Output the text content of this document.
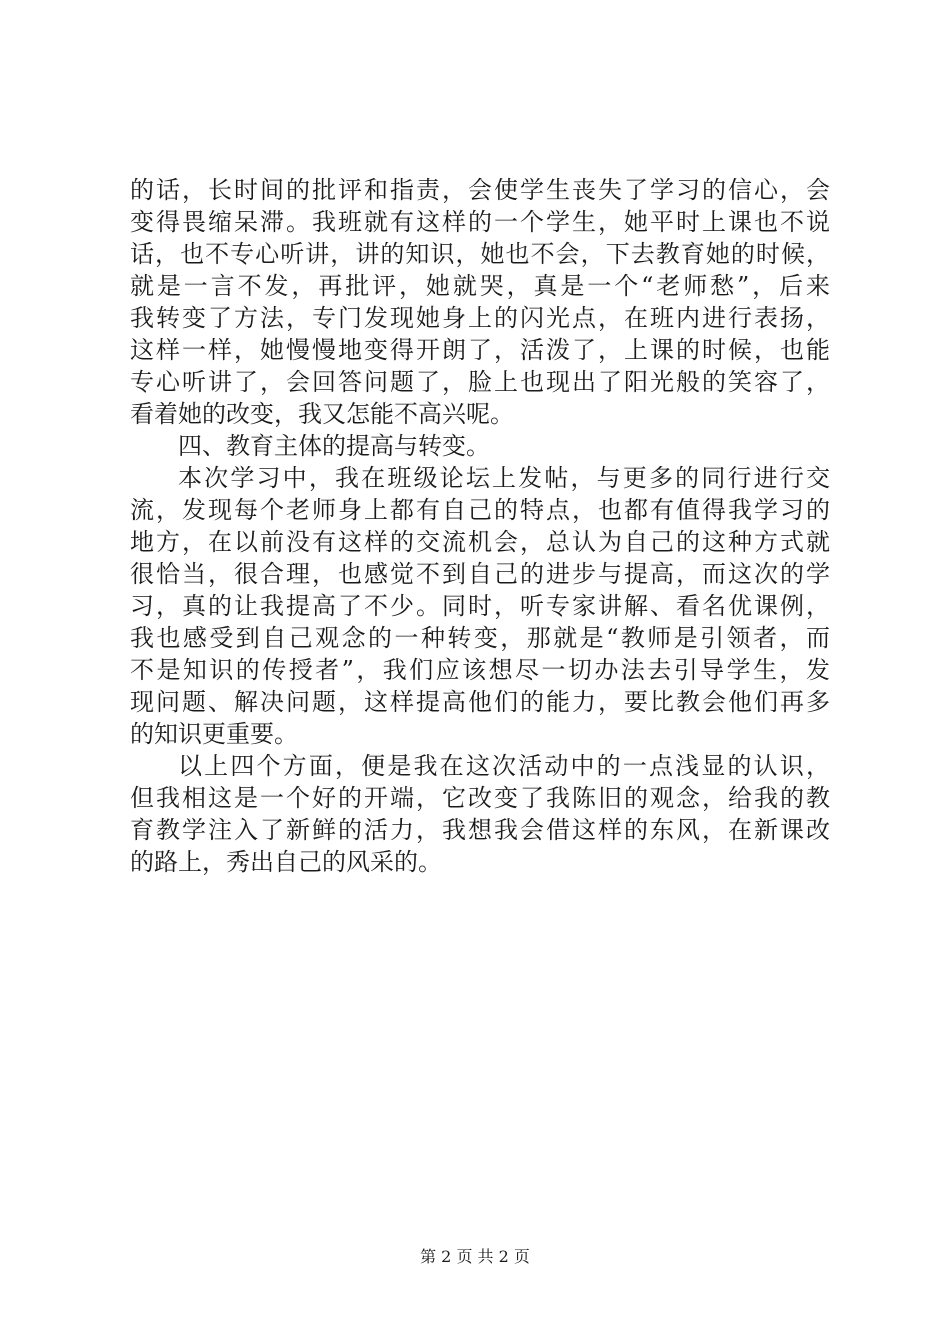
的话，长时间的批评和指责，会使学生丧失了学习的信心，会
变得畏缩呆滞。我班就有这样的一个学生，她平时上课也不说
话，也不专心听讲，讲的知识，她也不会，下去教育她的时候，
就是一言不发，再批评，她就哭，真是一个“老师愁”，后来
我转变了方法，专门发现她身上的闪光点，在班内进行表扬，
这样一样，她慢慢地变得开朗了，活泼了，上课的时候，也能
专心听讲了，会回答问题了，脸上也现出了阳光般的笑容了，
看着她的改变，我又怎能不高兴呢。
四、教育主体的提高与转变。
本次学习中，我在班级论坛上发帖，与更多的同行进行交
流，发现每个老师身上都有自己的特点，也都有值得我学习的
地方，在以前没有这样的交流机会，总认为自己的这种方式就
很恰当，很合理，也感觉不到自己的进步与提高，而这次的学
习，真的让我提高了不少。同时，听专家讲解、看名优课例，
我也感受到自己观念的一种转变，那就是“教师是引领者，而
不是知识的传授者”，我们应该想尽一切办法去引导学生，发
现问题、解决问题，这样提高他们的能力，要比教会他们再多
的知识更重要。
以上四个方面，便是我在这次活动中的一点浅显的认识，
但我相这是一个好的开端，它改变了我陈旧的观念，给我的教
育教学注入了新鲜的活力，我想我会借这样的东风，在新课改
的路上，秀出自己的风采的。
第 2 页 共 2 页
